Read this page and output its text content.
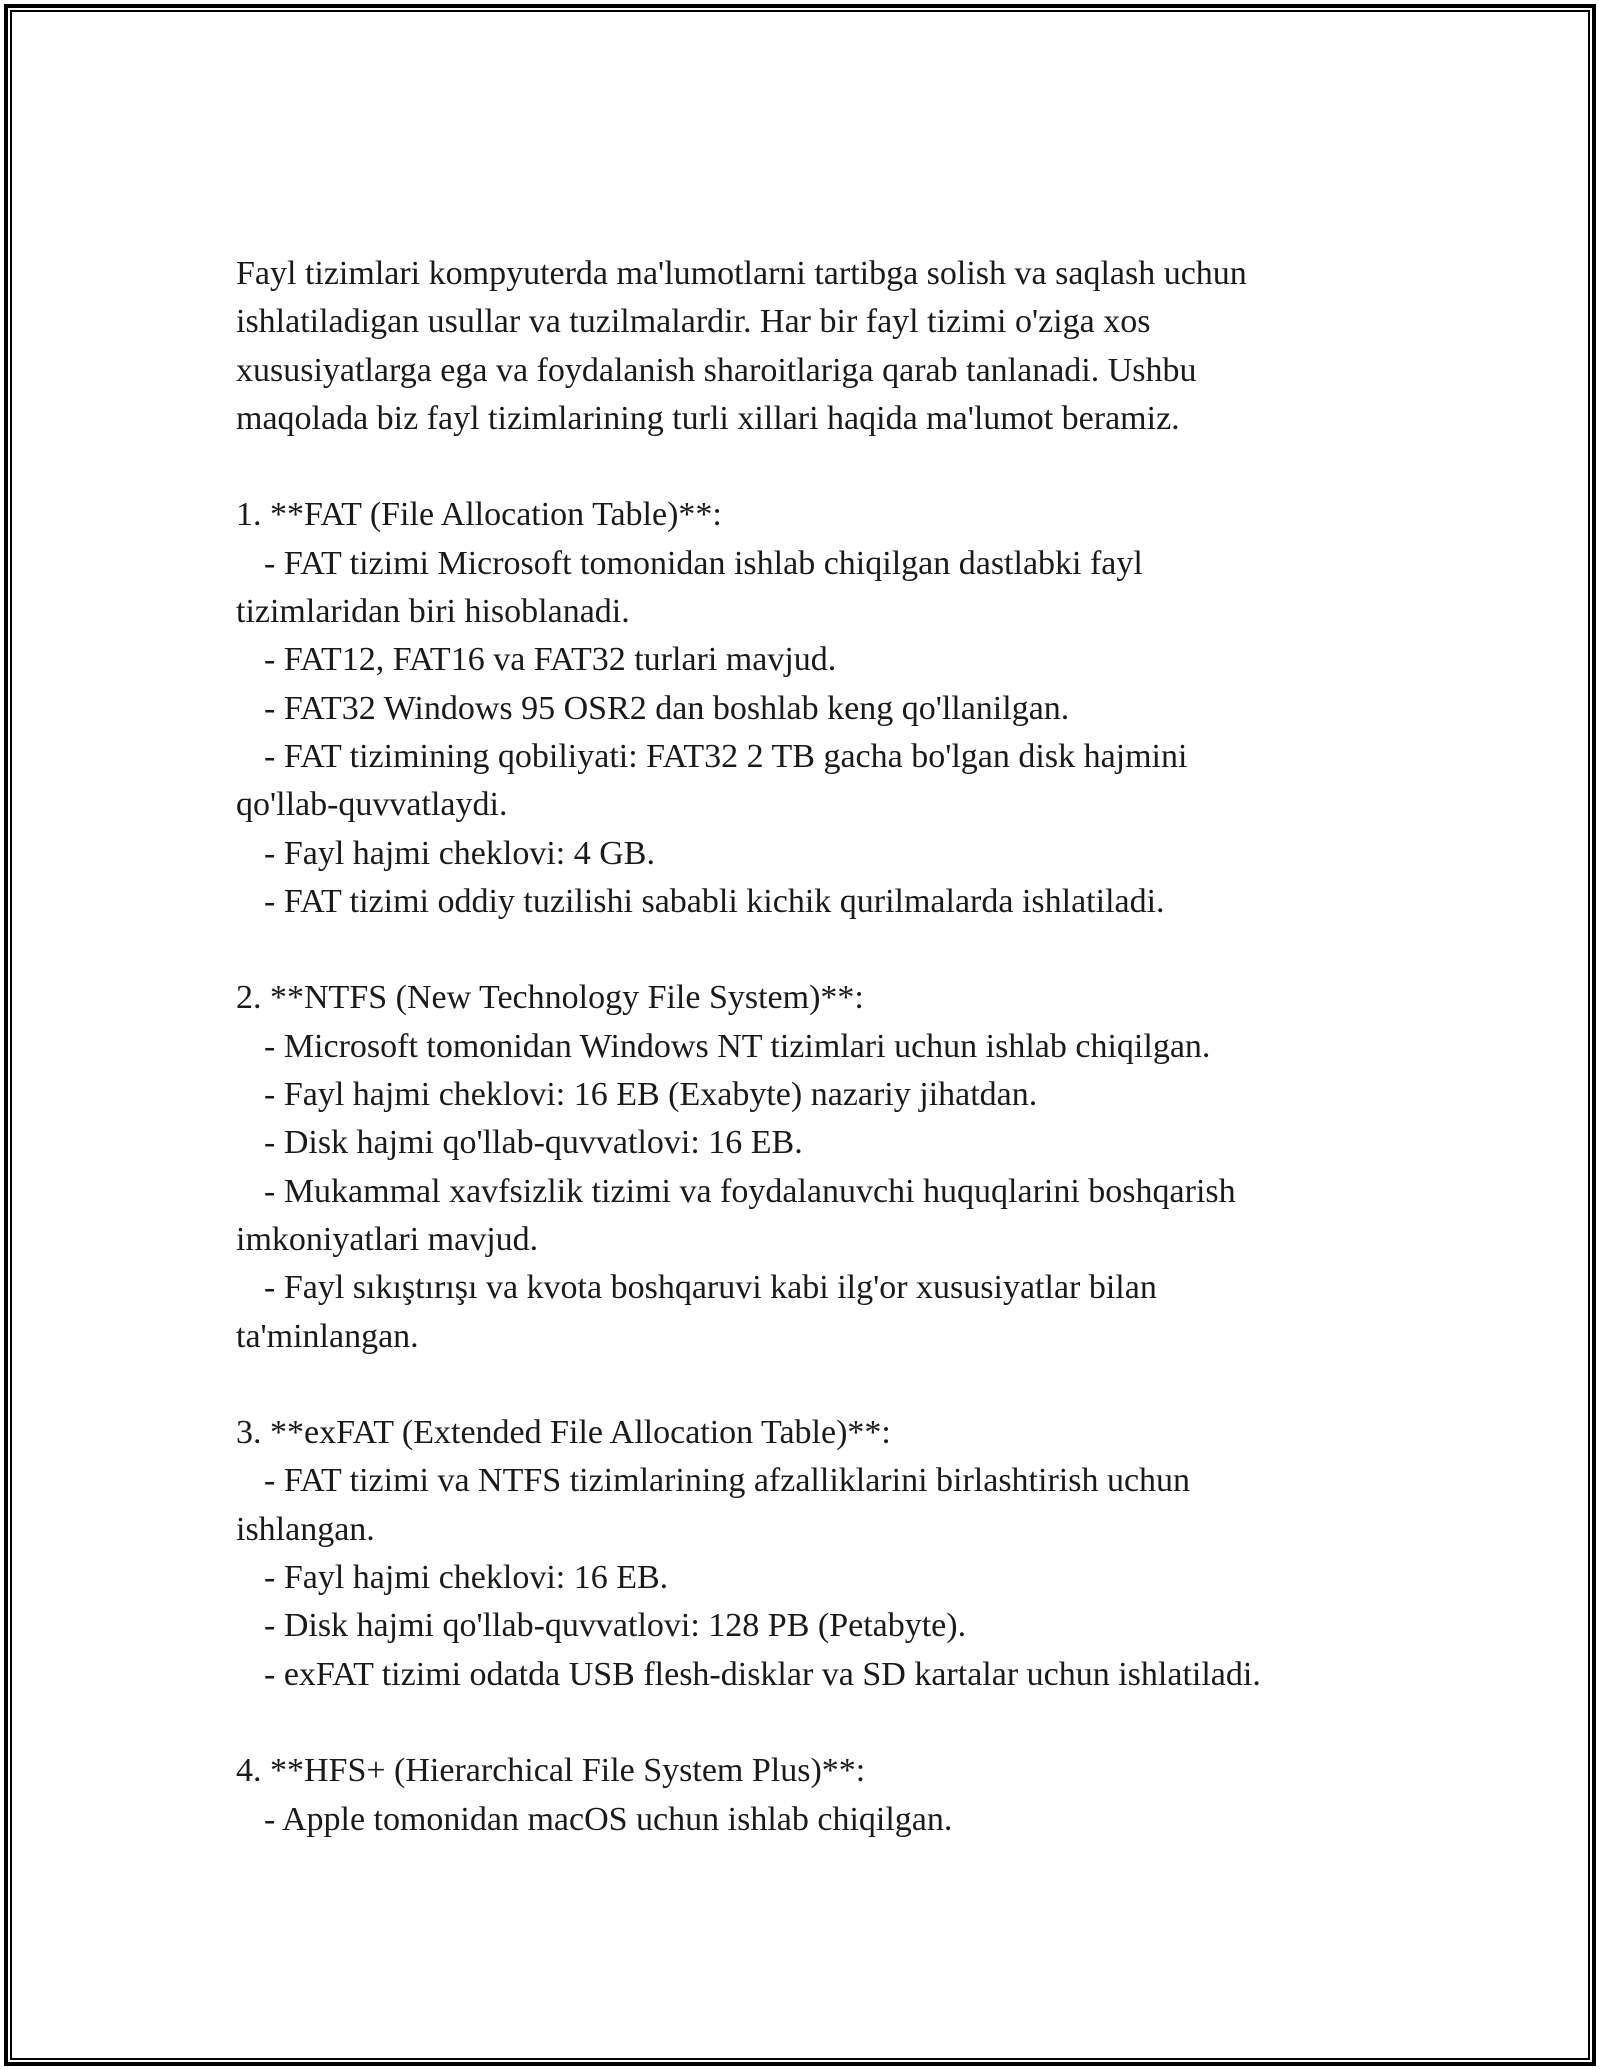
Fayl tizimlari kompyuterda ma'lumotlarni tartibga solish va saqlash uchun

ishlatiladigan usullar va tuzilmalardir. Har bir fayl tizimi o'ziga xos

xususiyatlarga ega va foydalanish sharoitlariga qarab tanlanadi. Ushbu

maqolada biz fayl tizimlarining turli xillari haqida ma'lumot beramiz.

1. **FAT (File Allocation Table)**:

- FAT tizimi Microsoft tomonidan ishlab chiqilgan dastlabki fayl

tizimlaridan biri hisoblanadi.

- FAT12, FAT16 va FAT32 turlari mavjud.

- FAT32 Windows 95 OSR2 dan boshlab keng qo'llanilgan.

- FAT tizimining qobiliyati: FAT32 2 TB gacha bo'lgan disk hajmini

qo'llab-quvvatlaydi.

- Fayl hajmi cheklovi: 4 GB.

- FAT tizimi oddiy tuzilishi sababli kichik qurilmalarda ishlatiladi.

2. **NTFS (New Technology File System)**:

- Microsoft tomonidan Windows NT tizimlari uchun ishlab chiqilgan.

- Fayl hajmi cheklovi: 16 EB (Exabyte) nazariy jihatdan.

- Disk hajmi qo'llab-quvvatlovi: 16 EB.

- Mukammal xavfsizlik tizimi va foydalanuvchi huquqlarini boshqarish

imkoniyatlari mavjud.

- Fayl sıkıştırışı va kvota boshqaruvi kabi ilg'or xususiyatlar bilan

ta'minlangan.

3. **exFAT (Extended File Allocation Table)**:

- FAT tizimi va NTFS tizimlarining afzalliklarini birlashtirish uchun

ishlangan.

- Fayl hajmi cheklovi: 16 EB.

- Disk hajmi qo'llab-quvvatlovi: 128 PB (Petabyte).

- exFAT tizimi odatda USB flesh-disklar va SD kartalar uchun ishlatiladi.

4. **HFS+ (Hierarchical File System Plus)**:

- Apple tomonidan macOS uchun ishlab chiqilgan.
